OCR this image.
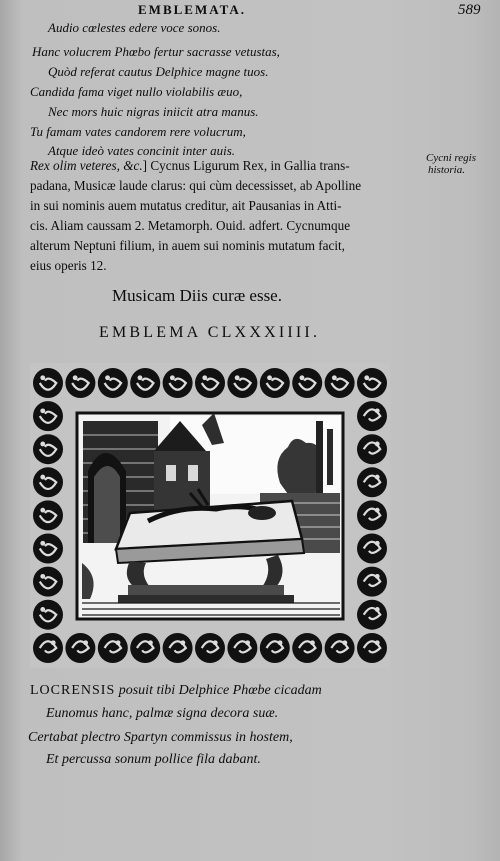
EMBLEMATA.	589
Audio cœlestes edere voce sonos.
Hanc volucrem Phœbo fertur sacrasse vetustas,
Quòd referat cautus Delphice magne tuos.
Candida fama viget nullo violabilis æuo,
Nec mors huic nigras iniicit atra manus.
Tu famam vates candorem rere volucrum,
Atque ideò vates concinit inter auis.
Rex olim veteres, &c.] Cycnus Ligurum Rex, in Gallia trans-
padana, Musicæ laude clarus: qui cùm decessisset, ab Apolline
in sui nominis auem mutatus creditur, ait Pausanias in Atti-
cis. Aliam caussam 2. Metamorph. Ouid. adfert. Cycnumque
alterum Neptuni filium, in auem sui nominis mutatum facit,
eius operis 12.
Cycni regis
historia.
Musicam Diis curæ esse.
EMBLEMA CLXXXIIII.
LOCRENSIS posuit tibi Delphice Phœbe cicadam
Eunomus hanc, palmæ signa decora suæ.
Certabat plectro Spartyn commissus in hostem,
Et percussa sonum pollice fila dabant.
